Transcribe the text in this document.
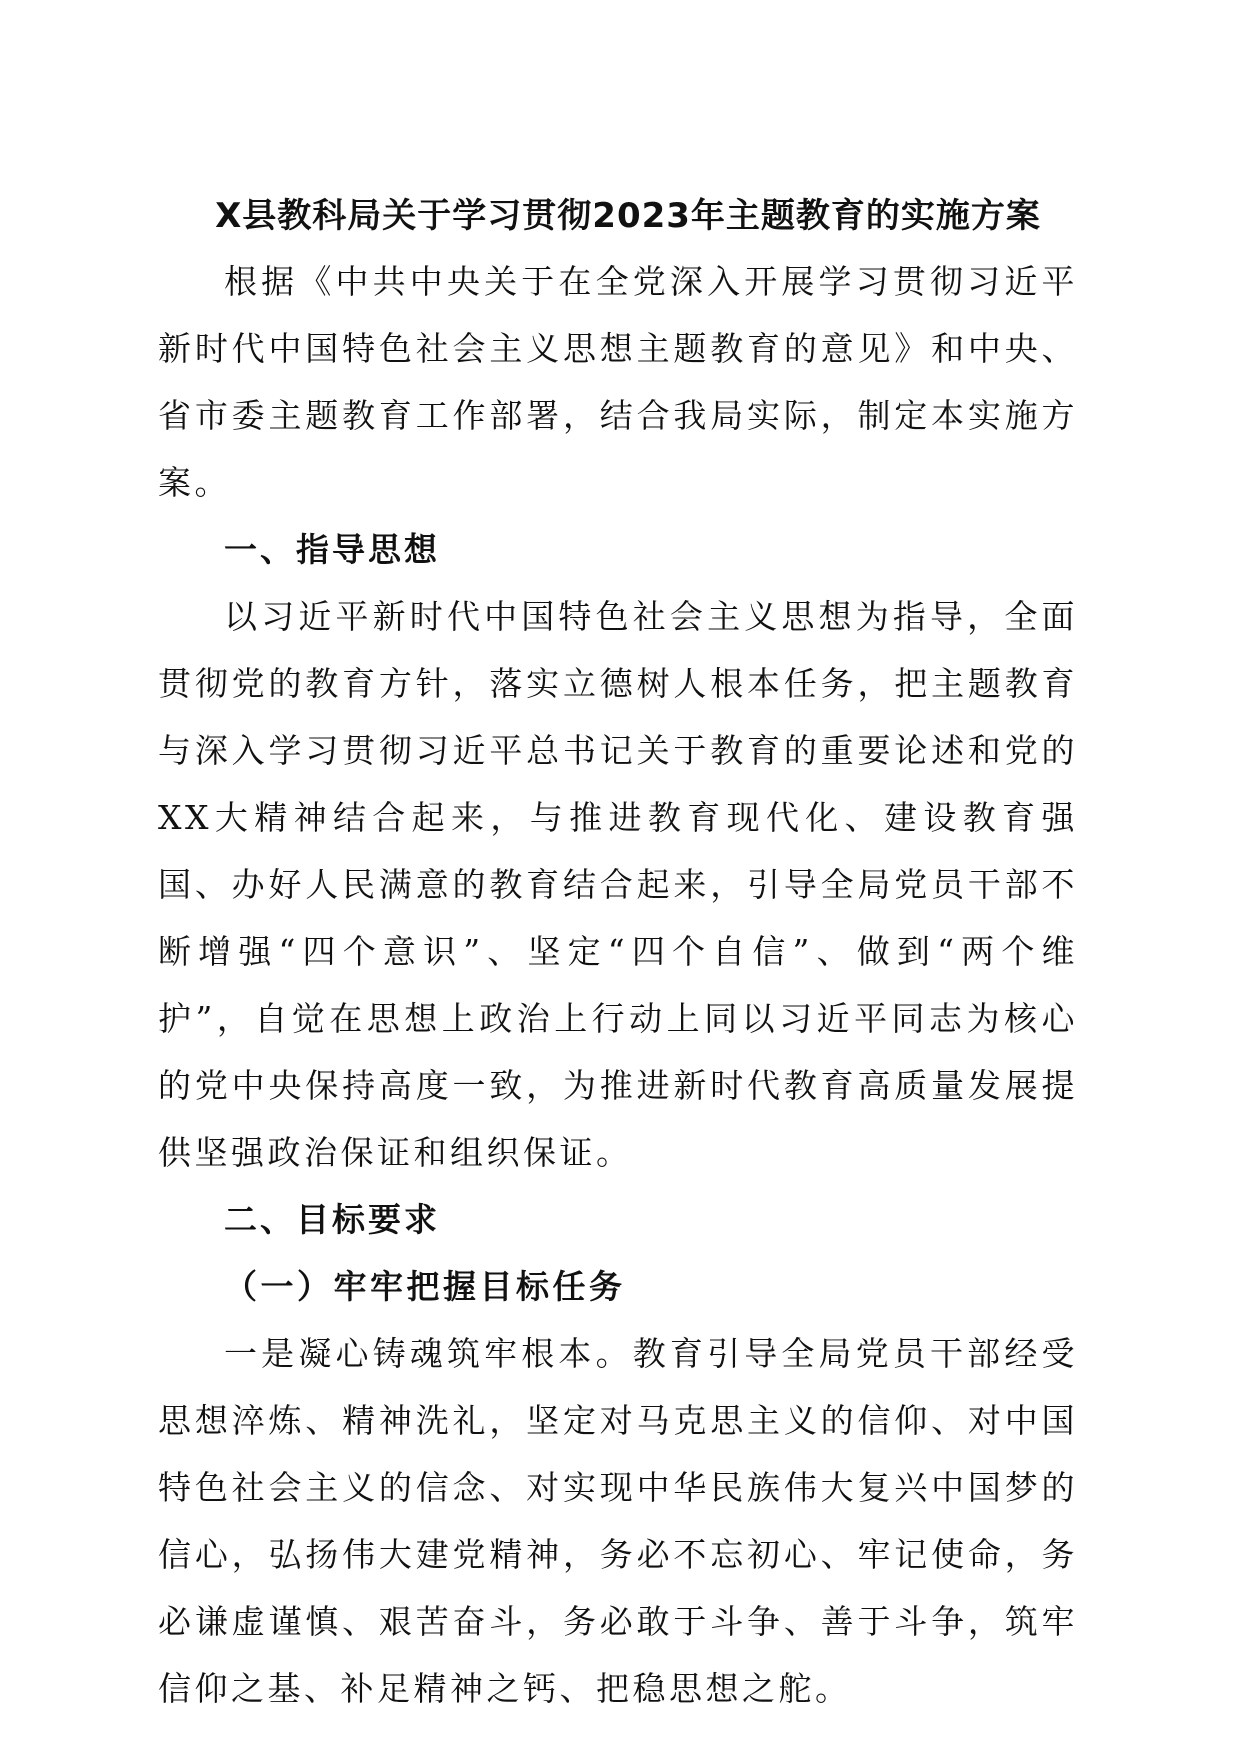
X县教科局关于学习贯彻2023年主题教育的实施方案

根据《中共中央关于在全党深入开展学习贯彻习近平新时代中国特色社会主义思想主题教育的意见》和中央、省市委主题教育工作部署，结合我局实际，制定本实施方案。

一、指导思想

以习近平新时代中国特色社会主义思想为指导，全面贯彻党的教育方针，落实立德树人根本任务，把主题教育与深入学习贯彻习近平总书记关于教育的重要论述和党的XX大精神结合起来，与推进教育现代化、建设教育强国、办好人民满意的教育结合起来，引导全局党员干部不断增强“四个意识”、坚定“四个自信”、做到“两个维护”，自觉在思想上政治上行动上同以习近平同志为核心的党中央保持高度一致，为推进新时代教育高质量发展提供坚强政治保证和组织保证。

二、目标要求
（一）牢牢把握目标任务

一是凝心铸魂筑牢根本。教育引导全局党员干部经受思想淬炼、精神洗礼，坚定对马克思主义的信仰、对中国特色社会主义的信念、对实现中华民族伟大复兴中国梦的信心，弘扬伟大建党精神，务必不忘初心、牢记使命，务必谦虚谨慎、艰苦奋斗，务必敢于斗争、善于斗争，筑牢信仰之基、补足精神之钙、把稳思想之舵。
